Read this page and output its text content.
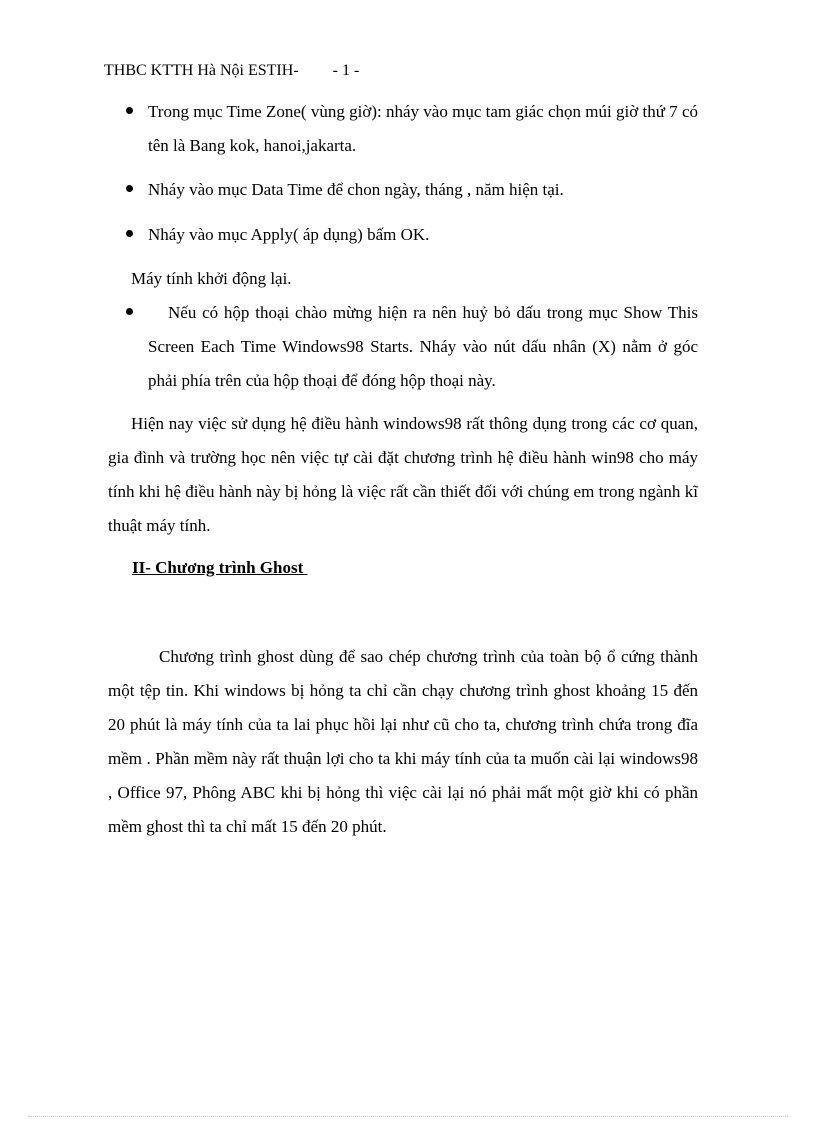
THBC KTTH Hà Nội ESTIH- - 1 -
Trong mục Time Zone( vùng giờ): nháy vào mục tam giác chọn múi giờ thứ 7 có tên là Bang kok, hanoi,jakarta.
Nháy vào mục Data Time để chon ngày, tháng , năm hiện tại.
Nháy vào mục Apply( áp dụng) bấm OK.
Máy tính khởi động lại.
Nếu có hộp thoại chào mừng hiện ra nên huỷ bỏ dấu trong mục Show This Screen Each Time Windows98 Starts. Nháy vào nút dấu nhân (X) nằm ở góc phải phía trên của hộp thoại để đóng hộp thoại này.
Hiện nay việc sử dụng hệ điều hành windows98 rất thông dụng trong các cơ quan, gia đình và trường học nên việc tự cài đặt chương trình hệ điều hành win98 cho máy tính khi hệ điều hành này bị hỏng là việc rất cần thiết đối với chúng em trong ngành kĩ thuật máy tính.
II- Chương trình Ghost
Chương trình ghost dùng để sao chép chương trình của toàn bộ ổ cứng thành một tệp tin. Khi windows bị hỏng ta chỉ cần chạy chương trình ghost khoảng 15 đến 20 phút là máy tính của ta lai phục hồi lại như cũ cho ta, chương trình chứa trong đĩa mềm . Phần mềm này rất thuận lợi cho ta khi máy tính của ta muốn cài lại windows98 , Office 97, Phông ABC khi bị hỏng thì việc cài lại nó phải mất một giờ khi có phần mềm ghost thì ta chỉ mất 15 đến 20 phút.
